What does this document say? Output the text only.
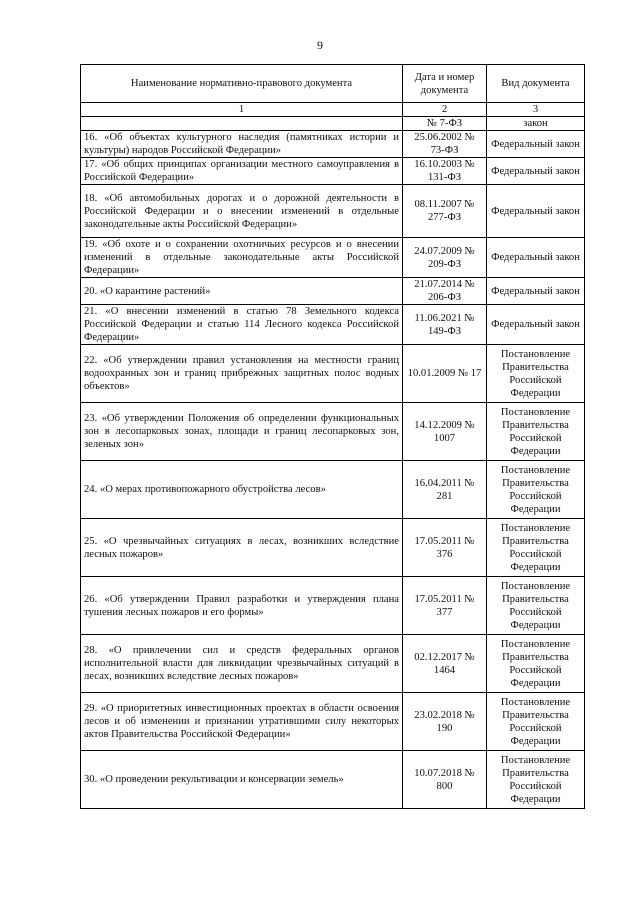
9
Наименование нормативно-правового документа	Дата и номер документа	Вид документа
1	2	3
	№ 7-ФЗ	закон
16. «Об объектах культурного наследия (памятниках истории и культуры) народов Российской Федерации»	25.06.2002 № 73-ФЗ	Федеральный закон
17. «Об общих принципах организации местного самоуправления в Российской Федерации»	16.10.2003 № 131-ФЗ	Федеральный закон
18. «Об автомобильных дорогах и о дорожной деятельности в Российской Федерации и о внесении изменений в отдельные законодательные акты Российской Федерации»	08.11.2007 № 277-ФЗ	Федеральный закон
19. «Об охоте и о сохранении охотничьих ресурсов и о внесении изменений в отдельные законодательные акты Российской Федерации»	24.07.2009 № 209-ФЗ	Федеральный закон
20. «О карантине растений»	21.07.2014 № 206-ФЗ	Федеральный закон
21. «О внесении изменений в статью 78 Земельного кодекса Российской Федерации и статью 114 Лесного кодекса Российской Федерации»	11.06.2021 № 149-ФЗ	Федеральный закон
22. «Об утверждении правил установления на местности границ водоохранных зон и границ прибрежных защитных полос водных объектов»	10.01.2009 № 17	Постановление Правительства Российской Федерации
23. «Об утверждении Положения об определении функциональных зон в лесопарковых зонах, площади и границ лесопарковых зон, зеленых зон»	14.12.2009 № 1007	Постановление Правительства Российской Федерации
24. «О мерах противопожарного обустройства лесов»	16.04.2011 № 281	Постановление Правительства Российской Федерации
25. «О чрезвычайных ситуациях в лесах, возникших вследствие лесных пожаров»	17.05.2011 № 376	Постановление Правительства Российской Федерации
26. «Об утверждении Правил разработки и утверждения плана тушения лесных пожаров и его формы»	17.05.2011 № 377	Постановление Правительства Российской Федерации
28. «О привлечении сил и средств федеральных органов исполнительной власти для ликвидации чрезвычайных ситуаций в лесах, возникших вследствие лесных пожаров»	02.12.2017 № 1464	Постановление Правительства Российской Федерации
29. «О приоритетных инвестиционных проектах в области освоения лесов и об изменении и признании утратившими силу некоторых актов Правительства Российской Федерации»	23.02.2018 № 190	Постановление Правительства Российской Федерации
30. «О проведении рекультивации и консервации земель»	10.07.2018 № 800	Постановление Правительства Российской Федерации
